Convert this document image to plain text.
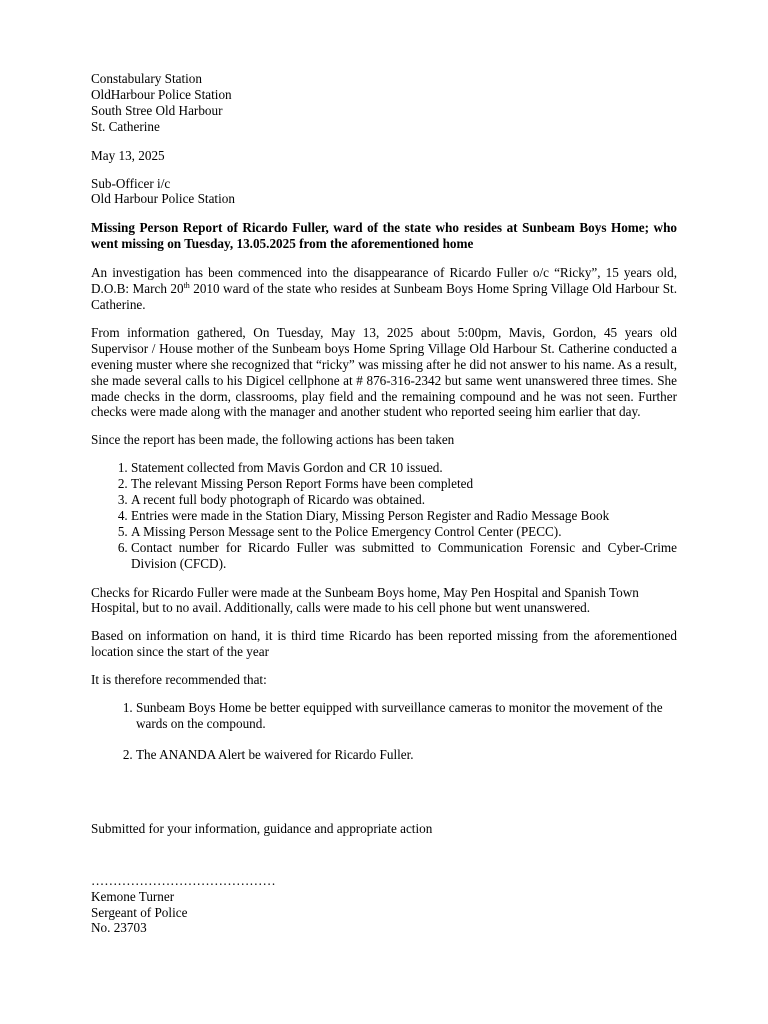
Constabulary Station
OldHarbour Police Station
South Stree Old Harbour
St. Catherine
May 13, 2025
Sub-Officer i/c
Old Harbour Police Station
Missing Person Report of Ricardo Fuller, ward of the state who resides at Sunbeam Boys Home; who went missing on Tuesday, 13.05.2025 from the aforementioned home

An investigation has been commenced into the disappearance of Ricardo Fuller o/c “Ricky”, 15 years old, D.O.B: March 20th 2010 ward of the state who resides at Sunbeam Boys Home Spring Village Old Harbour St. Catherine.

From information gathered, On Tuesday, May 13, 2025 about 5:00pm, Mavis, Gordon, 45 years old Supervisor / House mother of the Sunbeam boys Home Spring Village Old Harbour St. Catherine conducted a evening muster where she recognized that “ricky” was missing after he did not answer to his name. As a result, she made several calls to his Digicel cellphone at # 876-316-2342 but same went unanswered three times. She made checks in the dorm, classrooms, play field and the remaining compound and he was not seen. Further checks were made along with the manager and another student who reported seeing him earlier that day.

Since the report has been made, the following actions has been taken

1. Statement collected from Mavis Gordon and CR 10 issued.
2. The relevant Missing Person Report Forms have been completed
3. A recent full body photograph of Ricardo was obtained.
4. Entries were made in the Station Diary, Missing Person Register and Radio Message Book
5. A Missing Person Message sent to the Police Emergency Control Center (PECC).
6. Contact number for Ricardo Fuller was submitted to Communication Forensic and Cyber-Crime Division (CFCD).

Checks for Ricardo Fuller were made at the Sunbeam Boys home, May Pen Hospital and Spanish Town Hospital, but to no avail. Additionally, calls were made to his cell phone but went unanswered.

Based on information on hand, it is third time Ricardo has been reported missing from the aforementioned location since the start of the year

It is therefore recommended that:

1. Sunbeam Boys Home be better equipped with surveillance cameras to monitor the movement of the wards on the compound.
2. The ANANDA Alert be waivered for Ricardo Fuller.
Submitted for your information, guidance and appropriate action
……………………………………
Kemone Turner
Sergeant of Police
No. 23703
